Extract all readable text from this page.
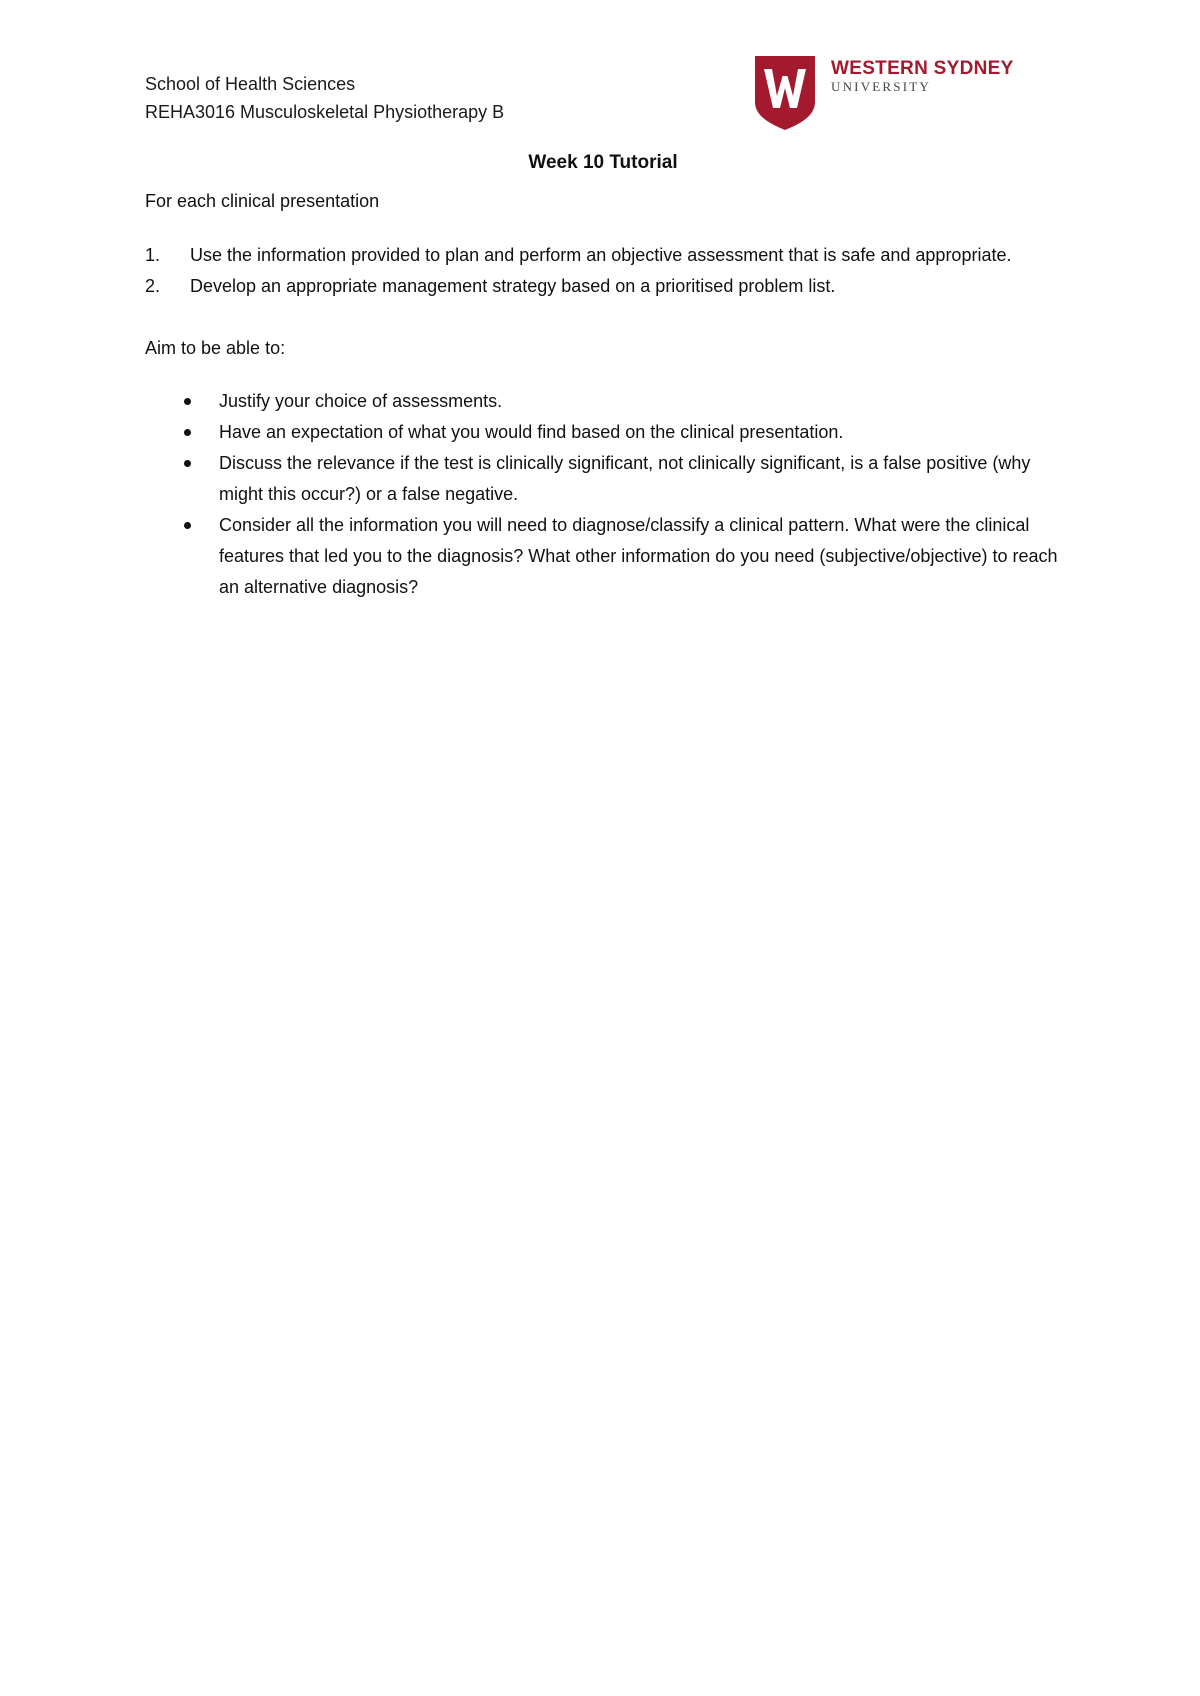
School of Health Sciences
REHA3016 Musculoskeletal Physiotherapy B
WESTERN SYDNEY
UNIVERSITY
Week 10 Tutorial
For each clinical presentation
1. Use the information provided to plan and perform an objective assessment that is safe and appropriate.
2. Develop an appropriate management strategy based on a prioritised problem list.
Aim to be able to:
Justify your choice of assessments.
Have an expectation of what you would find based on the clinical presentation.
Discuss the relevance if the test is clinically significant, not clinically significant, is a false positive (why might this occur?) or a false negative.
Consider all the information you will need to diagnose/classify a clinical pattern. What were the clinical features that led you to the diagnosis? What other information do you need (subjective/objective) to reach an alternative diagnosis?
